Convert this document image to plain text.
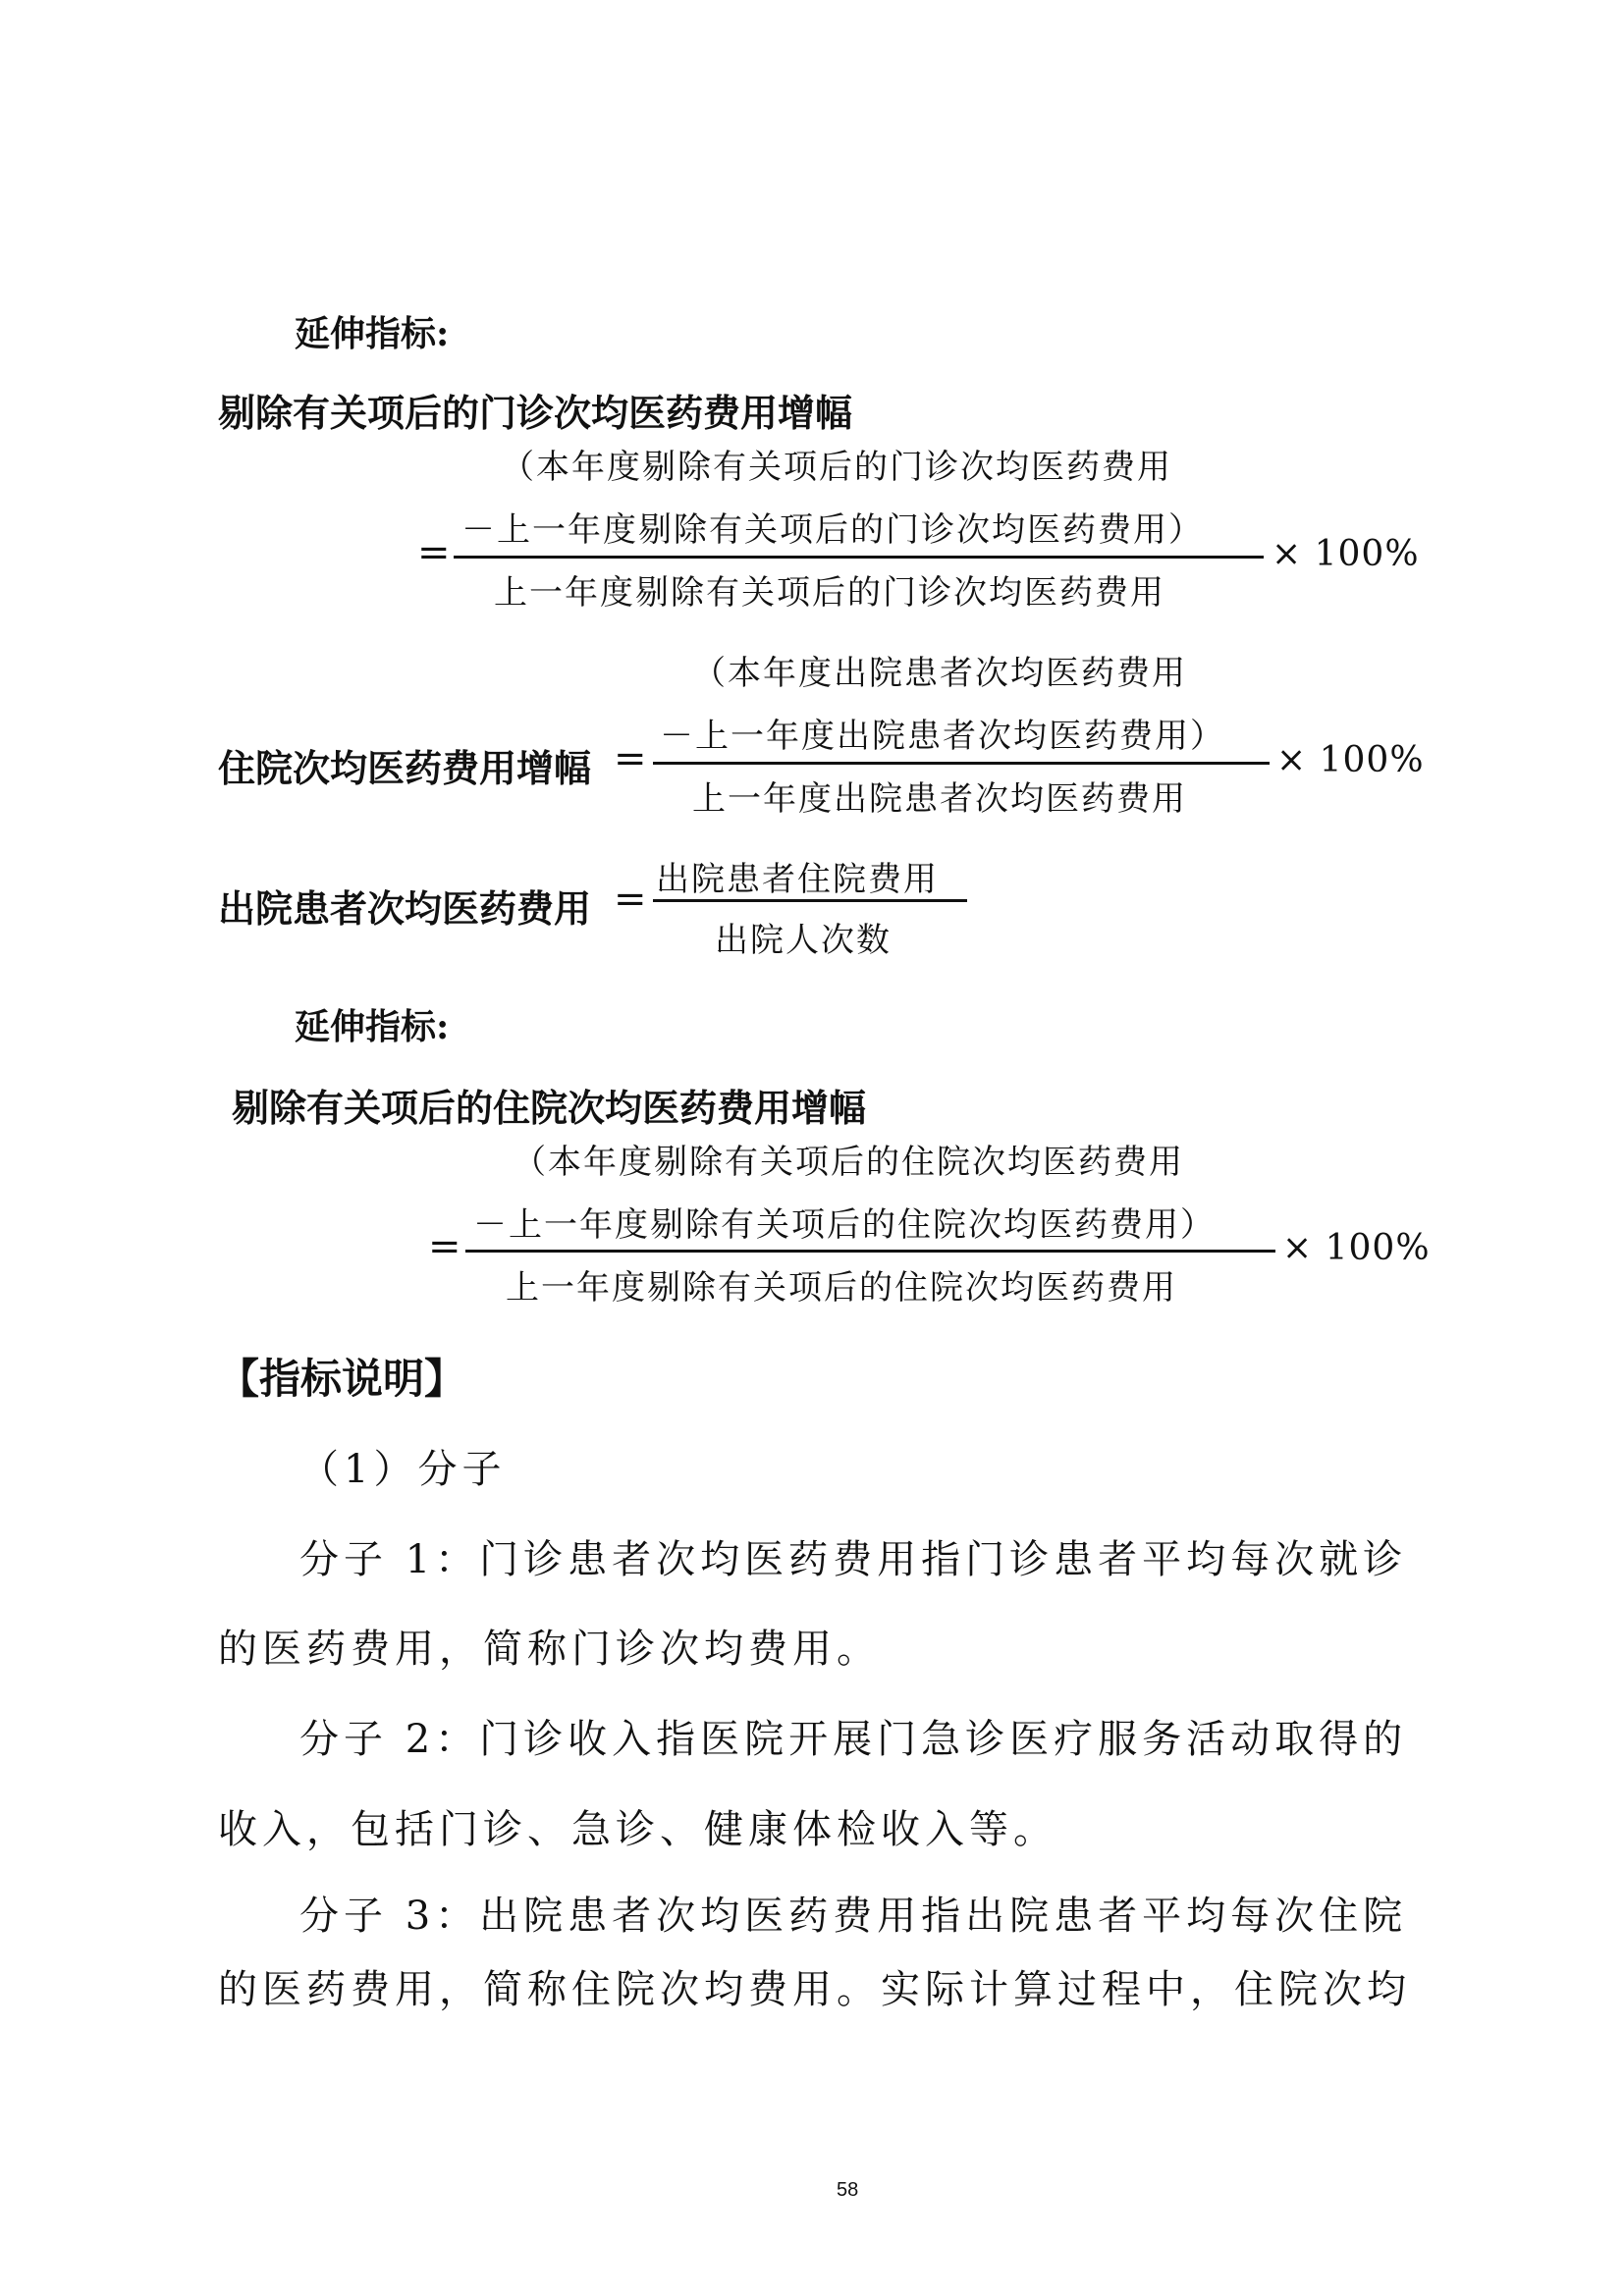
延伸指标:
剔除有关项后的门诊次均医药费用增幅
（本年度剔除有关项后的门诊次均医药费用
－上一年度剔除有关项后的门诊次均医药费用）
=	× 100%
上一年度剔除有关项后的门诊次均医药费用
（本年度出院患者次均医药费用
－上一年度出院患者次均医药费用）
住院次均医药费用增幅 =	× 100%
上一年度出院患者次均医药费用
出院患者住院费用
出院患者次均医药费用 =
出院人次数
延伸指标:
剔除有关项后的住院次均医药费用增幅
（本年度剔除有关项后的住院次均医药费用
－上一年度剔除有关项后的住院次均医药费用）
=	× 100%
上一年度剔除有关项后的住院次均医药费用
【指标说明】
（1）分子
分子 1：门诊患者次均医药费用指门诊患者平均每次就诊
的医药费用，简称门诊次均费用。
分子 2：门诊收入指医院开展门急诊医疗服务活动取得的
收入，包括门诊、急诊、健康体检收入等。
分子 3：出院患者次均医药费用指出院患者平均每次住院
的医药费用，简称住院次均费用。实际计算过程中，住院次均
58
